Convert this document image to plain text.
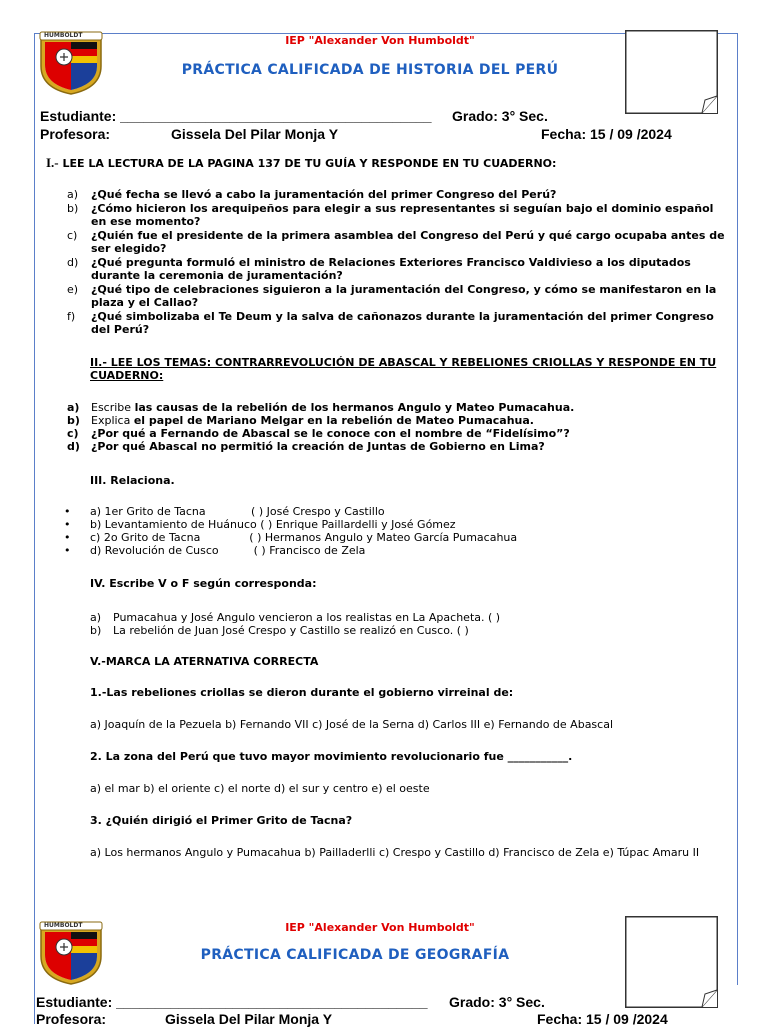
HUMBOLDT	IEP "Alexander Von Humboldt"
PRÁCTICA CALIFICADA DE HISTORIA DEL PERÚ
Estudiante: ________________________________________ Grado: 3° Sec.
Profesora:	Gissela Del Pilar Monja Y	Fecha: 15 / 09 /2024
I.- LEE LA LECTURA DE LA PAGINA 137 DE TU GUÍA Y RESPONDE EN TU CUADERNO:
a) ¿Qué fecha se llevó a cabo la juramentación del primer Congreso del Perú?
b) ¿Cómo hicieron los arequipeños para elegir a sus representantes si seguían bajo el dominio español en ese momento?
c) ¿Quién fue el presidente de la primera asamblea del Congreso del Perú y qué cargo ocupaba antes de ser elegido?
d) ¿Qué pregunta formuló el ministro de Relaciones Exteriores Francisco Valdivieso a los diputados durante la ceremonia de juramentación?
e) ¿Qué tipo de celebraciones siguieron a la juramentación del Congreso, y cómo se manifestaron en la plaza y el Callao?
f) ¿Qué simbolizaba el Te Deum y la salva de cañonazos durante la juramentación del primer Congreso del Perú?
II.- LEE LOS TEMAS: CONTRARREVOLUCIÓN DE ABASCAL Y REBELIONES CRIOLLAS Y RESPONDE EN TU CUADERNO:
a) Escribe las causas de la rebelión de los hermanos Angulo y Mateo Pumacahua.
b) Explica el papel de Mariano Melgar en la rebelión de Mateo Pumacahua.
c) ¿Por qué a Fernando de Abascal se le conoce con el nombre de “Fidelísimo”?
d) ¿Por qué Abascal no permitió la creación de Juntas de Gobierno en Lima?
III. Relaciona.
• a) 1er Grito de Tacna             ( ) José Crespo y Castillo
• b) Levantamiento de Huánuco ( ) Enrique Paillardelli y José Gómez
• c) 2o Grito de Tacna              ( ) Hermanos Angulo y Mateo García Pumacahua
• d) Revolución de Cusco          ( ) Francisco de Zela
IV. Escribe V o F según corresponda:
a) Pumacahua y José Angulo vencieron a los realistas en La Apacheta. ( )
b) La rebelión de Juan José Crespo y Castillo se realizó en Cusco. ( )
V.-MARCA LA ATERNATIVA CORRECTA
1.-Las rebeliones criollas se dieron durante el gobierno virreinal de:
a) Joaquín de la Pezuela b) Fernando VII c) José de la Serna d) Carlos III e) Fernando de Abascal
2. La zona del Perú que tuvo mayor movimiento revolucionario fue ___________.
a) el mar b) el oriente c) el norte d) el sur y centro e) el oeste
3. ¿Quién dirigió el Primer Grito de Tacna?
a) Los hermanos Angulo y Pumacahua b) Pailladerlli c) Crespo y Castillo d) Francisco de Zela e) Túpac Amaru II
HUMBOLDT	IEP "Alexander Von Humboldt"
PRÁCTICA CALIFICADA DE GEOGRAFÍA
Estudiante: ________________________________________ Grado: 3° Sec.
Profesora:	Gissela Del Pilar Monja Y	Fecha: 15 / 09 /2024
